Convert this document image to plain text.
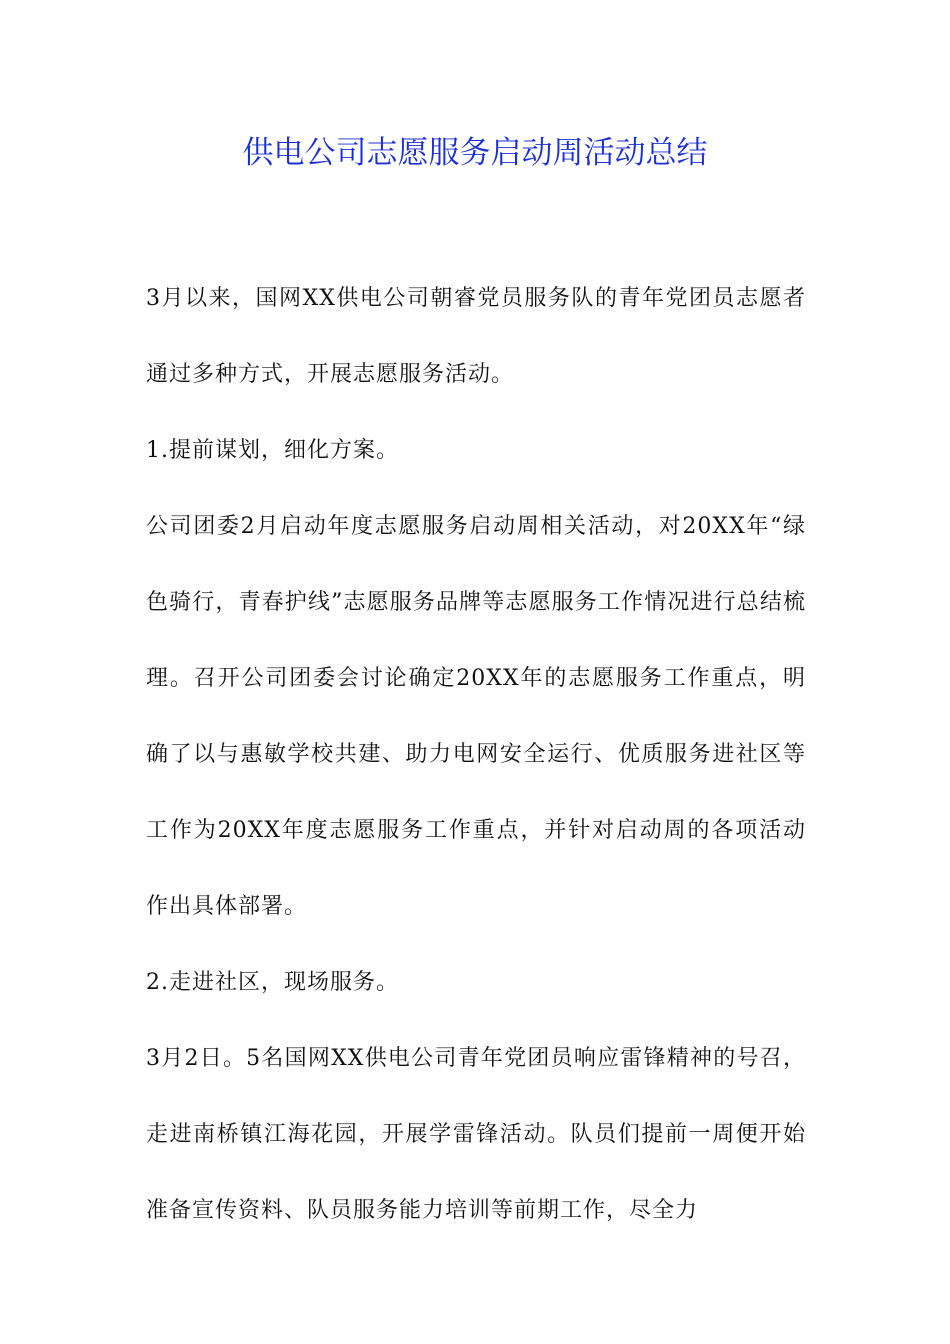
供电公司志愿服务启动周活动总结

3月以来，国网XX供电公司朝睿党员服务队的青年党团员志愿者通过多种方式，开展志愿服务活动。

1.提前谋划，细化方案。

公司团委2月启动年度志愿服务启动周相关活动，对20XX年“绿色骑行，青春护线”志愿服务品牌等志愿服务工作情况进行总结梳理。召开公司团委会讨论确定20XX年的志愿服务工作重点，明确了以与惠敏学校共建、助力电网安全运行、优质服务进社区等工作为20XX年度志愿服务工作重点，并针对启动周的各项活动作出具体部署。

2.走进社区，现场服务。

3月2日。5名国网XX供电公司青年党团员响应雷锋精神的号召，走进南桥镇江海花园，开展学雷锋活动。队员们提前一周便开始准备宣传资料、队员服务能力培训等前期工作，尽全力
